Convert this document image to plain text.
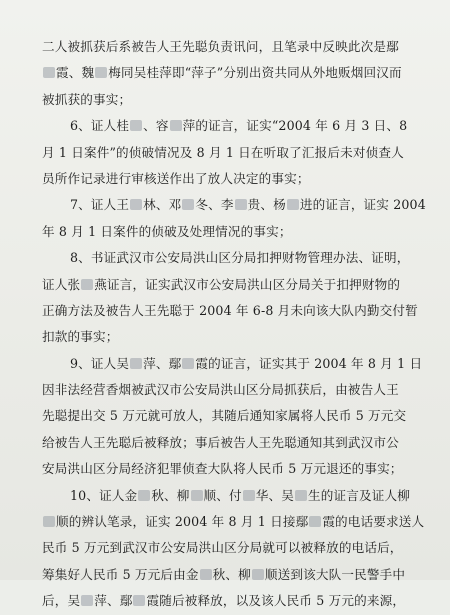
二人被抓获后系被告人王先聪负责讯问，且笔录中反映此次是鄢
霞、魏 梅同吴桂萍即“萍子”分别出资共同从外地贩烟回汉而
被抓获的事实；
6、证人桂 、容 萍的证言，证实“2004 年 6 月 3 日、8
月 1 日案件”的侦破情况及 8 月 1 日在听取了汇报后未对侦查人
员所作记录进行审核送作出了放人决定的事实；
7、证人王 林、邓 冬、李 贵、杨 进的证言，证实 2004
年 8 月 1 日案件的侦破及处理情况的事实；
8、书证武汉市公安局洪山区分局扣押财物管理办法、证明，
证人张 燕证言，证实武汉市公安局洪山区分局关于扣押财物的
正确方法及被告人王先聪于 2004 年 6-8 月未向该大队内勤交付暂
扣款的事实；
9、证人吴 萍、鄢 霞的证言，证实其于 2004 年 8 月 1 日
因非法经营香烟被武汉市公安局洪山区分局抓获后，由被告人王
先聪提出交 5 万元就可放人，其随后通知家属将人民币 5 万元交
给被告人王先聪后被释放；事后被告人王先聪通知其到武汉市公
安局洪山区分局经济犯罪侦查大队将人民币 5 万元退还的事实；
10、证人金 秋、柳 顺、付 华、吴 生的证言及证人柳
顺的辨认笔录，证实 2004 年 8 月 1 日接鄢 霞的电话要求送人
民币 5 万元到武汉市公安局洪山区分局就可以被释放的电话后，
筹集好人民币 5 万元后由金 秋、柳 顺送到该大队一民警手中
后，吴 萍、鄢 霞随后被释放，以及该人民币 5 万元的来源，
